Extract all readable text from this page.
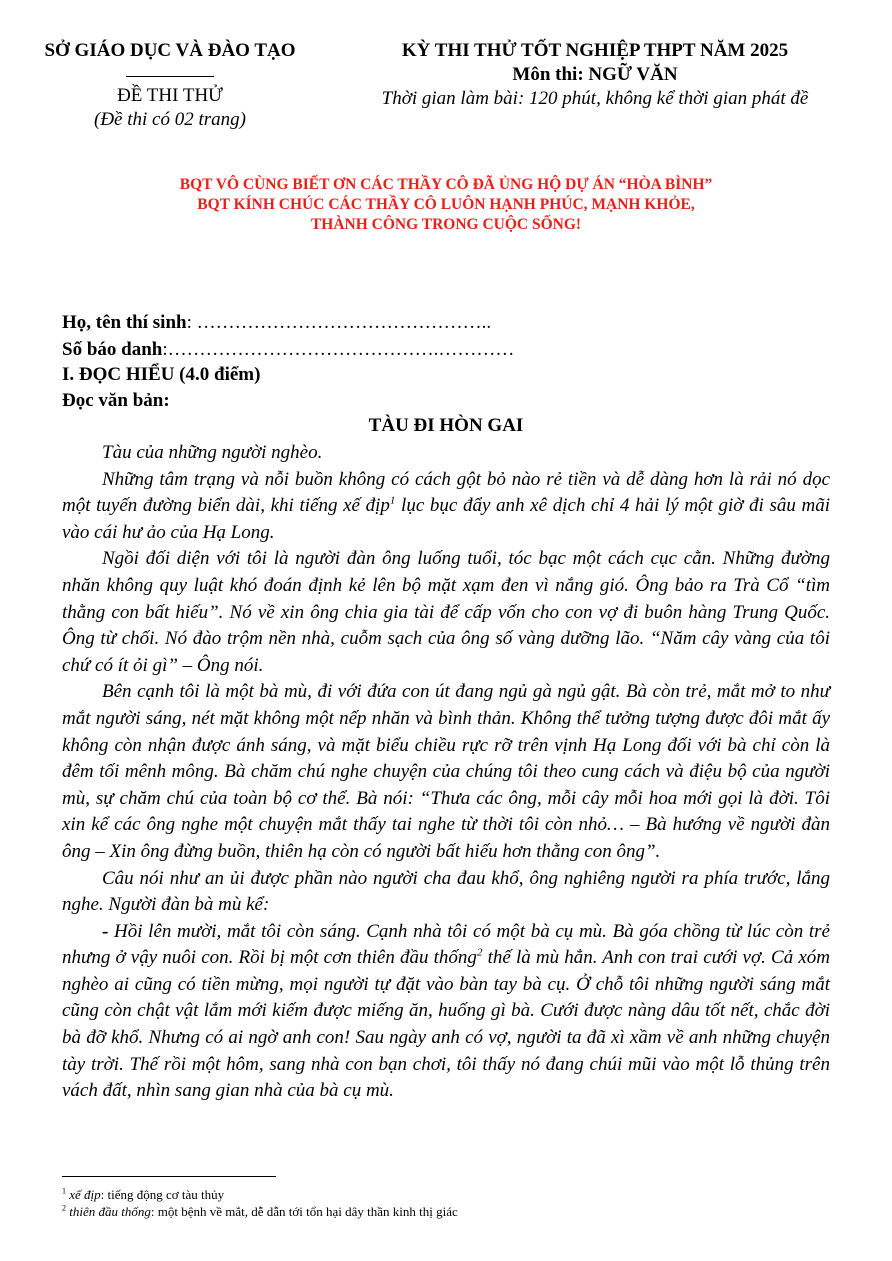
SỞ GIÁO DỤC VÀ ĐÀO TẠO
ĐỀ THI THỬ
(Đề thi có 02 trang)
KỲ THI THỬ TỐT NGHIỆP THPT NĂM 2025
Môn thi: NGỮ VĂN
Thời gian làm bài: 120 phút, không kể thời gian phát đề
BQT VÔ CÙNG BIẾT ƠN CÁC THẦY CÔ ĐÃ ỦNG HỘ DỰ ÁN “HÒA BÌNH”
BQT KÍNH CHÚC CÁC THẦY CÔ LUÔN HẠNH PHÚC, MẠNH KHỎE,
THÀNH CÔNG TRONG CUỘC SỐNG!
Họ, tên thí sinh: ………………………………………..
Số báo danh:…………………………………….…………
I. ĐỌC HIỂU (4.0 điểm)
Đọc văn bản:
TÀU ĐI HÒN GAI

Tàu của những người nghèo.

Những tâm trạng và nỗi buồn không có cách gột bỏ nào rẻ tiền và dễ dàng hơn là rải nó dọc một tuyến đường biển dài, khi tiếng xế địp$^1$ lục bục đẩy anh xê dịch chỉ 4 hải lý một giờ đi sâu mãi vào cái hư ảo của Hạ Long.

Ngồi đối diện với tôi là người đàn ông luống tuổi, tóc bạc một cách cục cằn. Những đường nhăn không quy luật khó đoán định kẻ lên bộ mặt xạm đen vì nắng gió. Ông bảo ra Trà Cổ “tìm thằng con bất hiếu”. Nó về xin ông chia gia tài để cấp vốn cho con vợ đi buôn hàng Trung Quốc. Ông từ chối. Nó đào trộm nền nhà, cuỗm sạch của ông số vàng dưỡng lão. “Năm cây vàng của tôi chứ có ít ỏi gì” – Ông nói.

Bên cạnh tôi là một bà mù, đi với đứa con út đang ngủ gà ngủ gật. Bà còn trẻ, mắt mở to như mắt người sáng, nét mặt không một nếp nhăn và bình thản. Không thể tưởng tượng được đôi mắt ấy không còn nhận được ánh sáng, và mặt biểu chiều rực rỡ trên vịnh Hạ Long đối với bà chỉ còn là đêm tối mênh mông. Bà chăm chú nghe chuyện của chúng tôi theo cung cách và điệu bộ của người mù, sự chăm chú của toàn bộ cơ thể. Bà nói: “Thưa các ông, mỗi cây mỗi hoa mới gọi là đời. Tôi xin kể các ông nghe một chuyện mắt thấy tai nghe từ thời tôi còn nhỏ… – Bà hướng về người đàn ông – Xin ông đừng buồn, thiên hạ còn có người bất hiếu hơn thằng con ông”.

Câu nói như an ủi được phần nào người cha đau khổ, ông nghiêng người ra phía trước, lắng nghe. Người đàn bà mù kể:

- Hồi lên mười, mắt tôi còn sáng. Cạnh nhà tôi có một bà cụ mù. Bà góa chồng từ lúc còn trẻ nhưng ở vậy nuôi con. Rồi bị một cơn thiên đầu thống$^2$ thế là mù hẳn. Anh con trai cưới vợ. Cả xóm nghèo ai cũng có tiền mừng, mọi người tự đặt vào bàn tay bà cụ. Ở chỗ tôi những người sáng mắt cũng còn chật vật lắm mới kiếm được miếng ăn, huống gì bà. Cưới được nàng dâu tốt nết, chắc đời bà đỡ khổ. Nhưng có ai ngờ anh con! Sau ngày anh có vợ, người ta đã xì xầm về anh những chuyện tày trời. Thế rồi một hôm, sang nhà con bạn chơi, tôi thấy nó đang chúi mũi vào một lỗ thủng trên vách đất, nhìn sang gian nhà của bà cụ mù.

$^1$ xế địp: tiếng động cơ tàu thủy
$^2$ thiên đầu thống: một bệnh về mắt, dễ dẫn tới tổn hại dây thần kinh thị giác
